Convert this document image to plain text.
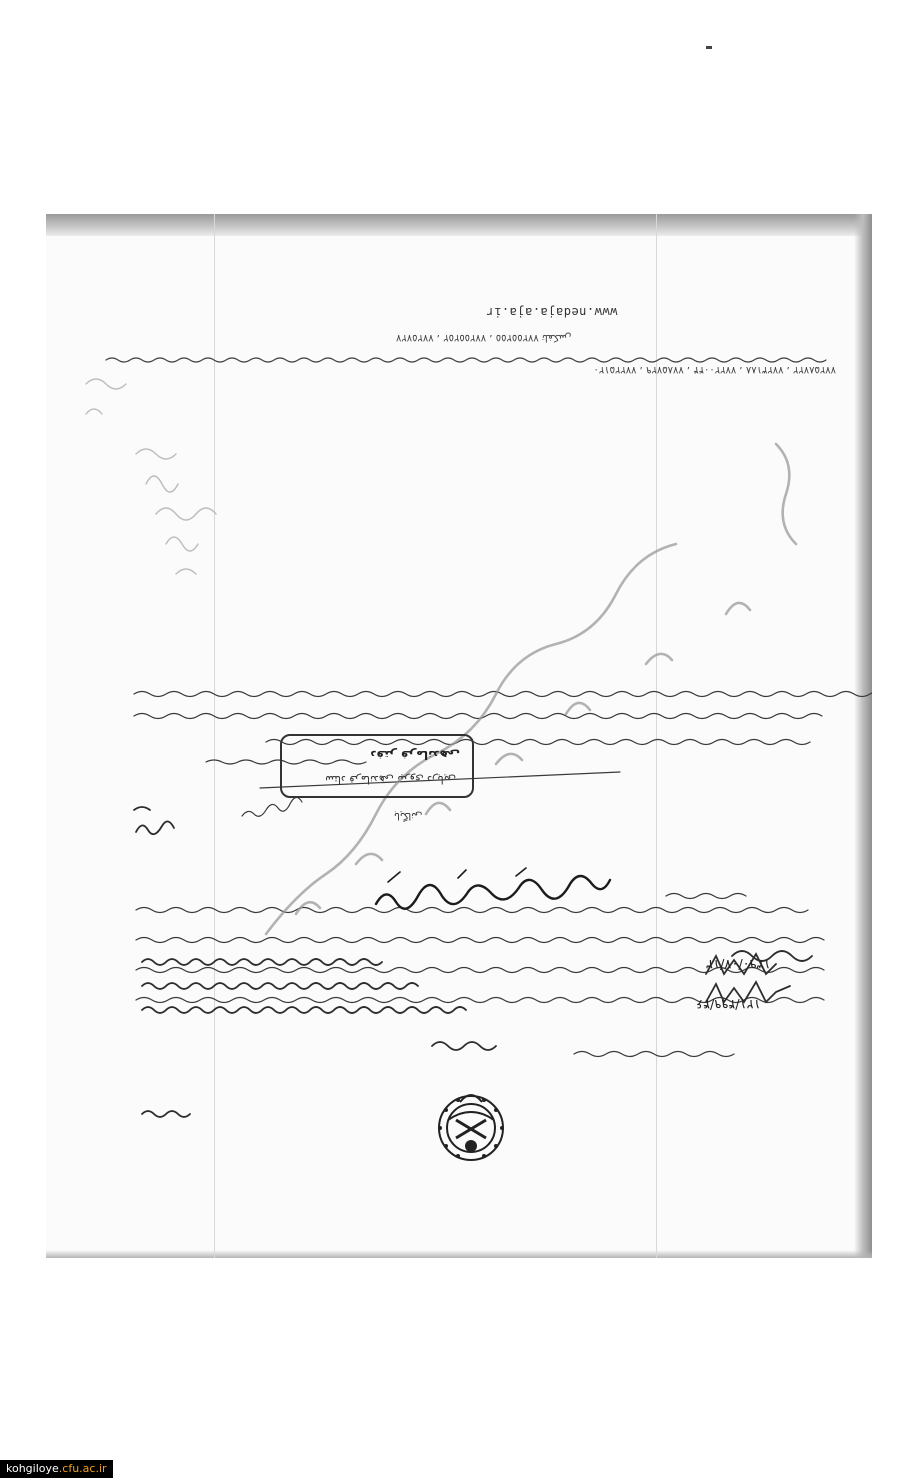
www.nedaja.aja.ir
٧٧٢٥٧٢٧ ، ٧٧٢٥٥٢٥٢ ، ٧٧٢٥٥٢٥٥ تلفکس
۷۷۲۵۸۷۲۲ ، ۷۷۲۳۱۸۸ ، ۷۷۲۲۰۰۴۴ ، ۷۷۸۵۷۲۹ ، ۷۷۲۲۵۱۲۰
ستاد فرماندهی نیروی دریایی
دفتر فرماندهی
بایگانی
۱۳۹۰/۰۷/۱۳
۱۲۱/۴۹۹/۴۶
kohgiloye.cfu.ac.ir
